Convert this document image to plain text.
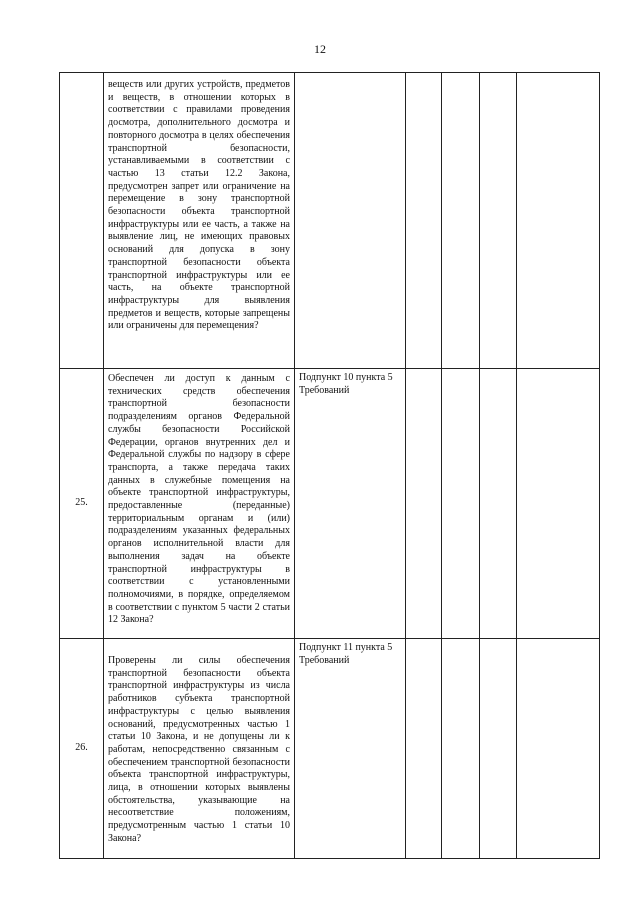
12

	веществ или других устройств, предметов и веществ, в отношении которых в соответствии с правилами проведения досмотра, дополнительного досмотра и повторного досмотра в целях обеспечения транспортной безопасности, устанавливаемыми в соответствии с частью 13 статьи 12.2 Закона, предусмотрен запрет или ограничение на перемещение в зону транспортной безопасности объекта транспортной инфраструктуры или ее часть, а также на выявление лиц, не имеющих правовых оснований для допуска в зону транспортной безопасности объекта транспортной инфраструктуры или ее часть, на объекте транспортной инфраструктуры для выявления предметов и веществ, которые запрещены или ограничены для перемещения?					

25.	Обеспечен ли доступ к данным с технических средств обеспечения транспортной безопасности подразделениям органов Федеральной службы безопасности Российской Федерации, органов внутренних дел и Федеральной службы по надзору в сфере транспорта, а также передача таких данных в служебные помещения на объекте транспортной инфраструктуры, предоставленные (переданные) территориальным органам и (или) подразделениям указанных федеральных органов исполнительной власти для выполнения задач на объекте транспортной инфраструктуры в соответствии с установленными полномочиями, в порядке, определяемом в соответствии с пунктом 5 части 2 статьи 12 Закона?	Подпункт 10 пункта 5 Требований				
26.	Проверены ли силы обеспечения транспортной безопасности объекта транспортной инфраструктуры из числа работников субъекта транспортной инфраструктуры с целью выявления оснований, предусмотренных частью 1 статьи 10 Закона, и не допущены ли к работам, непосредственно связанным с обеспечением транспортной безопасности объекта транспортной инфраструктуры, лица, в отношении которых выявлены обстоятельства, указывающие на несоответствие положениям, предусмотренным частью 1 статьи 10 Закона?	Подпункт 11 пункта 5 Требований				
